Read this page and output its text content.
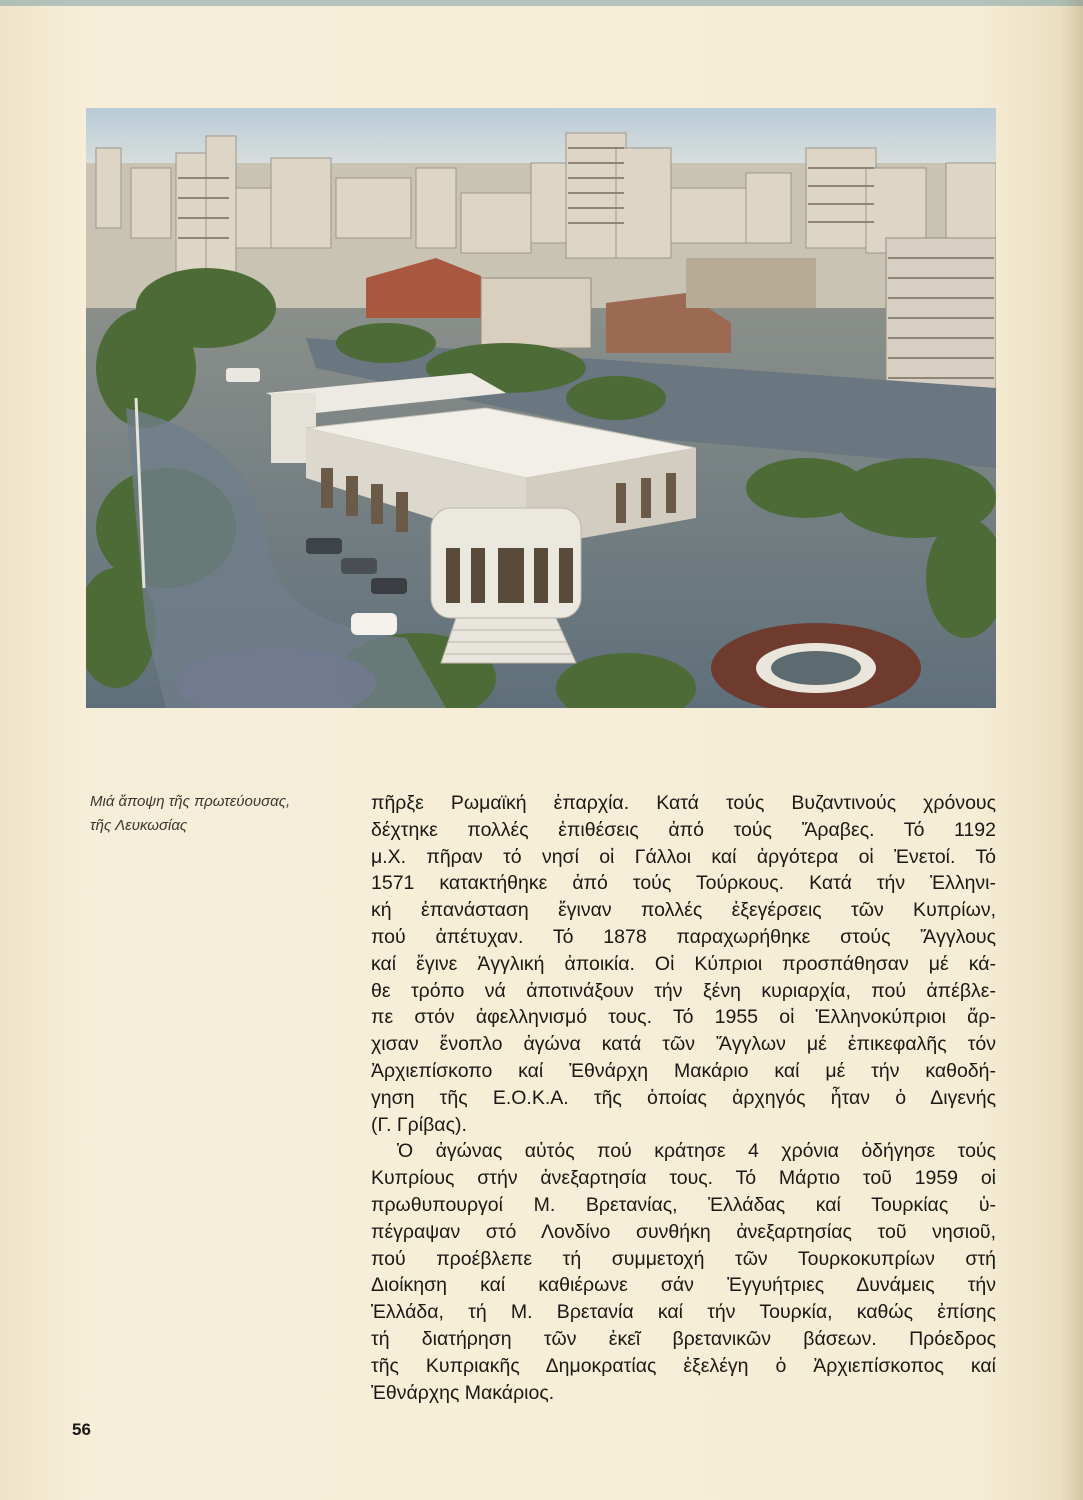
Μιά ἄποψη τῆς πρωτεύουσας,
τῆς Λευκωσίας
πῆρξε Ρωμαϊκή ἐπαρχία. Κατά τούς Βυζαντινούς χρόνους
δέχτηκε πολλές ἐπιθέσεις ἀπό τούς Ἄραβες. Τό 1192
μ.Χ. πῆραν τό νησί οἱ Γάλλοι καί ἀργότερα οἱ Ἐνετοί. Τό
1571 κατακτήθηκε ἀπό τούς Τούρκους. Κατά τήν Ἑλληνι-
κή ἐπανάσταση ἔγιναν πολλές ἐξεγέρσεις τῶν Κυπρίων,
πού ἀπέτυχαν. Τό 1878 παραχωρήθηκε στούς Ἄγγλους
καί ἔγινε Ἀγγλική ἀποικία. Οἱ Κύπριοι προσπάθησαν μέ κά-
θε τρόπο νά ἀποτινάξουν τήν ξένη κυριαρχία, πού ἀπέβλε-
πε στόν ἀφελληνισμό τους. Τό 1955 οἱ Ἑλληνοκύπριοι ἄρ-
χισαν ἔνοπλο ἀγώνα κατά τῶν Ἄγγλων μέ ἐπικεφαλῆς τόν
Ἀρχιεπίσκοπο καί Ἐθνάρχη Μακάριο καί μέ τήν καθοδή-
γηση τῆς Ε.Ο.Κ.Α. τῆς ὁποίας ἀρχηγός ἦταν ὁ Διγενής
(Γ. Γρίβας).
Ὁ ἀγώνας αὐτός πού κράτησε 4 χρόνια ὁδήγησε τούς
Κυπρίους στήν ἀνεξαρτησία τους. Τό Μάρτιο τοῦ 1959 οἱ
πρωθυπουργοί Μ. Βρετανίας, Ἑλλάδας καί Τουρκίας ὑ-
πέγραψαν στό Λονδίνο συνθήκη ἀνεξαρτησίας τοῦ νησιοῦ,
πού προέβλεπε τή συμμετοχή τῶν Τουρκοκυπρίων στή
Διοίκηση καί καθιέρωνε σάν Ἐγγυήτριες Δυνάμεις τήν
Ἑλλάδα, τή Μ. Βρετανία καί τήν Τουρκία, καθώς ἐπίσης
τή διατήρηση τῶν ἐκεῖ βρετανικῶν βάσεων. Πρόεδρος
τῆς Κυπριακῆς Δημοκρατίας ἐξελέγη ὁ Ἀρχιεπίσκοπος καί
Ἐθνάρχης Μακάριος.
56
